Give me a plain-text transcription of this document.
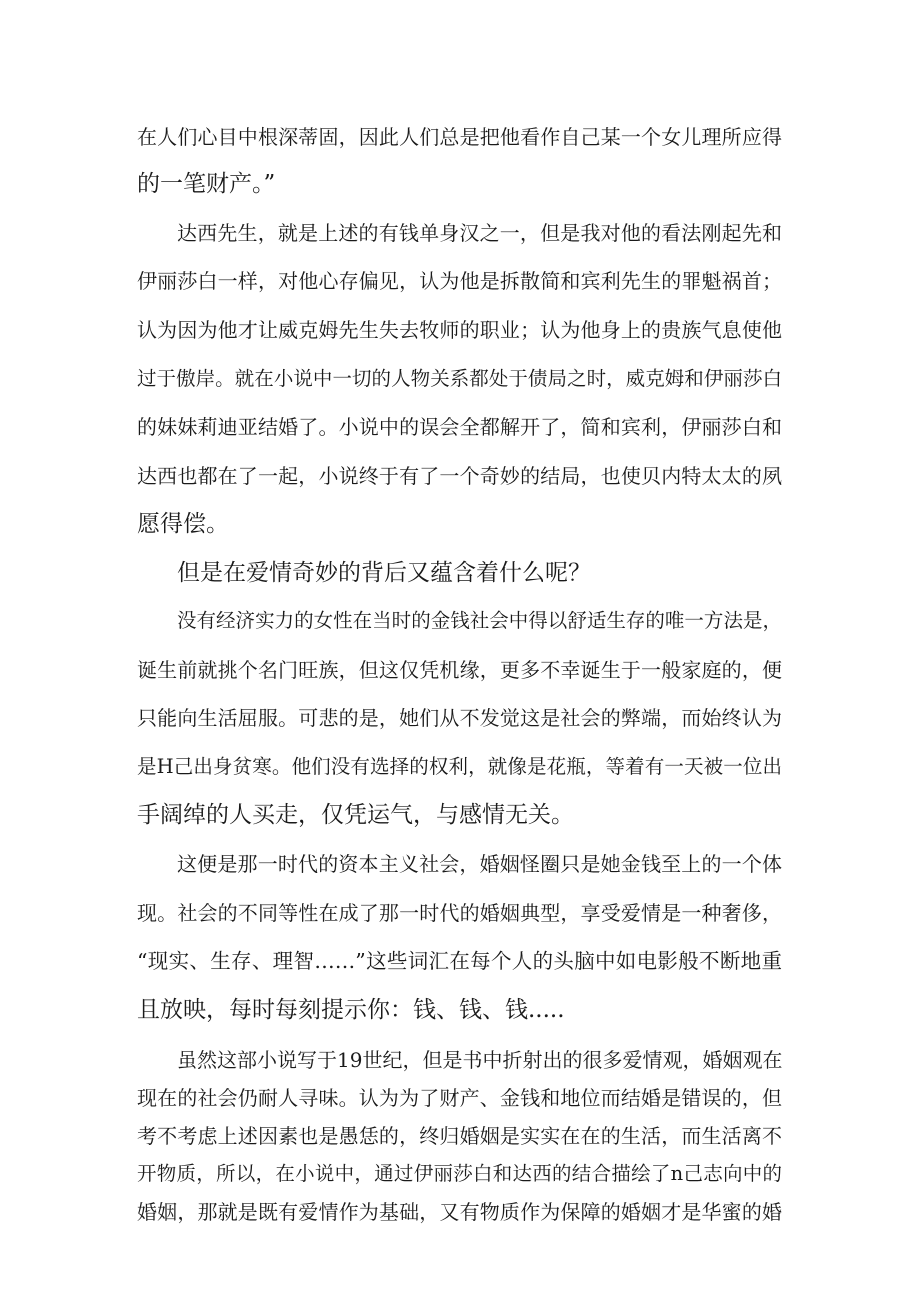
在人们心目中根深蒂固，因此人们总是把他看作自己某一个女儿理所应得
的一笔财产。”
达西先生，就是上述的有钱单身汉之一，但是我对他的看法刚起先和
伊丽莎白一样，对他心存偏见，认为他是拆散简和宾利先生的罪魁祸首；
认为因为他才让威克姆先生失去牧师的职业；认为他身上的贵族气息使他
过于傲岸。就在小说中一切的人物关系都处于债局之时，威克姆和伊丽莎白
的妹妹莉迪亚结婚了。小说中的误会全都解开了，简和宾利，伊丽莎白和
达西也都在了一起，小说终于有了一个奇妙的结局，也使贝内特太太的夙
愿得偿。
但是在爱情奇妙的背后又蕴含着什么呢？
没有经济实力的女性在当时的金钱社会中得以舒适生存的唯一方法是，
诞生前就挑个名门旺族，但这仅凭机缘，更多不幸诞生于一般家庭的，便
只能向生活屈服。可悲的是，她们从不发觉这是社会的弊端，而始终认为
是H己出身贫寒。他们没有选择的权利，就像是花瓶，等着有一天被一位出
手阔绰的人买走，仅凭运气，与感情无关。
这便是那一时代的资本主义社会，婚姻怪圈只是她金钱至上的一个体
现。社会的不同等性在成了那一时代的婚姻典型，享受爱情是一种奢侈，
“现实、生存、理智……”这些词汇在每个人的头脑中如电影般不断地重
且放映，每时每刻提示你：钱、钱、钱.....
虽然这部小说写于19世纪，但是书中折射出的很多爱情观，婚姻观在
现在的社会仍耐人寻味。认为为了财产、金钱和地位而结婚是错误的，但
考不考虑上述因素也是愚恁的，终归婚姻是实实在在的生活，而生活离不
开物质，所以，在小说中，通过伊丽莎白和达西的结合描绘了n己志向中的
婚姻，那就是既有爱情作为基础，又有物质作为保障的婚姻才是华蜜的婚
